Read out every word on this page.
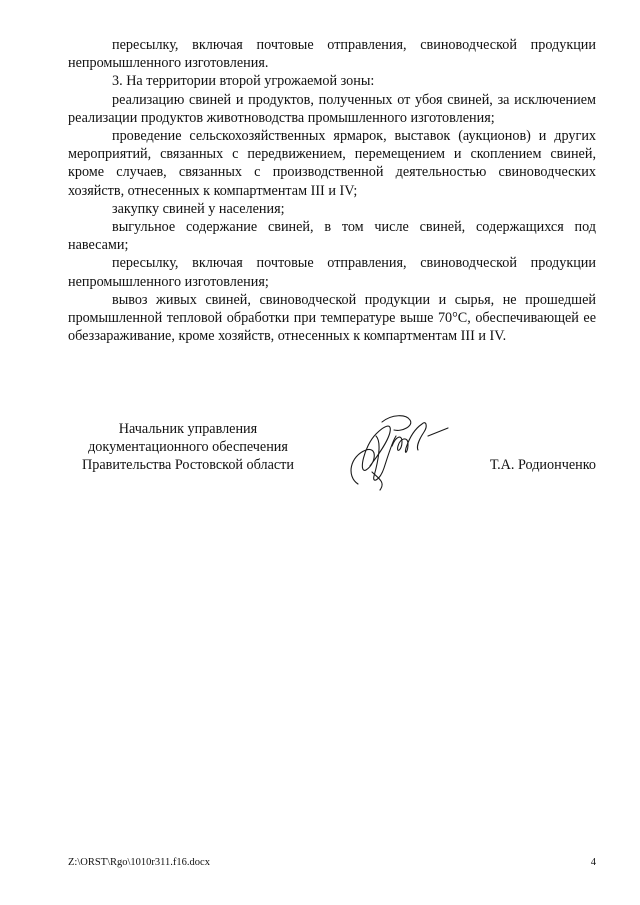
пересылку, включая почтовые отправления, свиноводческой продукции непромышленного изготовления.

3. На территории второй угрожаемой зоны:

реализацию свиней и продуктов, полученных от убоя свиней, за исключением реализации продуктов животноводства промышленного изготовления;

проведение сельскохозяйственных ярмарок, выставок (аукционов) и других мероприятий, связанных с передвижением, перемещением и скоплением свиней, кроме случаев, связанных с производственной деятельностью свиноводческих хозяйств, отнесенных к компартментам III и IV;

закупку свиней у населения;

выгульное содержание свиней, в том числе свиней, содержащихся под навесами;

пересылку, включая почтовые отправления, свиноводческой продукции непромышленного изготовления;

вывоз живых свиней, свиноводческой продукции и сырья, не прошедшей промышленной тепловой обработки при температуре выше 70°С, обеспечивающей ее обеззараживание, кроме хозяйств, отнесенных к компартментам III и IV.

Начальник управления
документационного обеспечения
Правительства Ростовской области	Т.А. Родионченко
Z:\ORST\Rgo\1010r311.f16.docx	4
